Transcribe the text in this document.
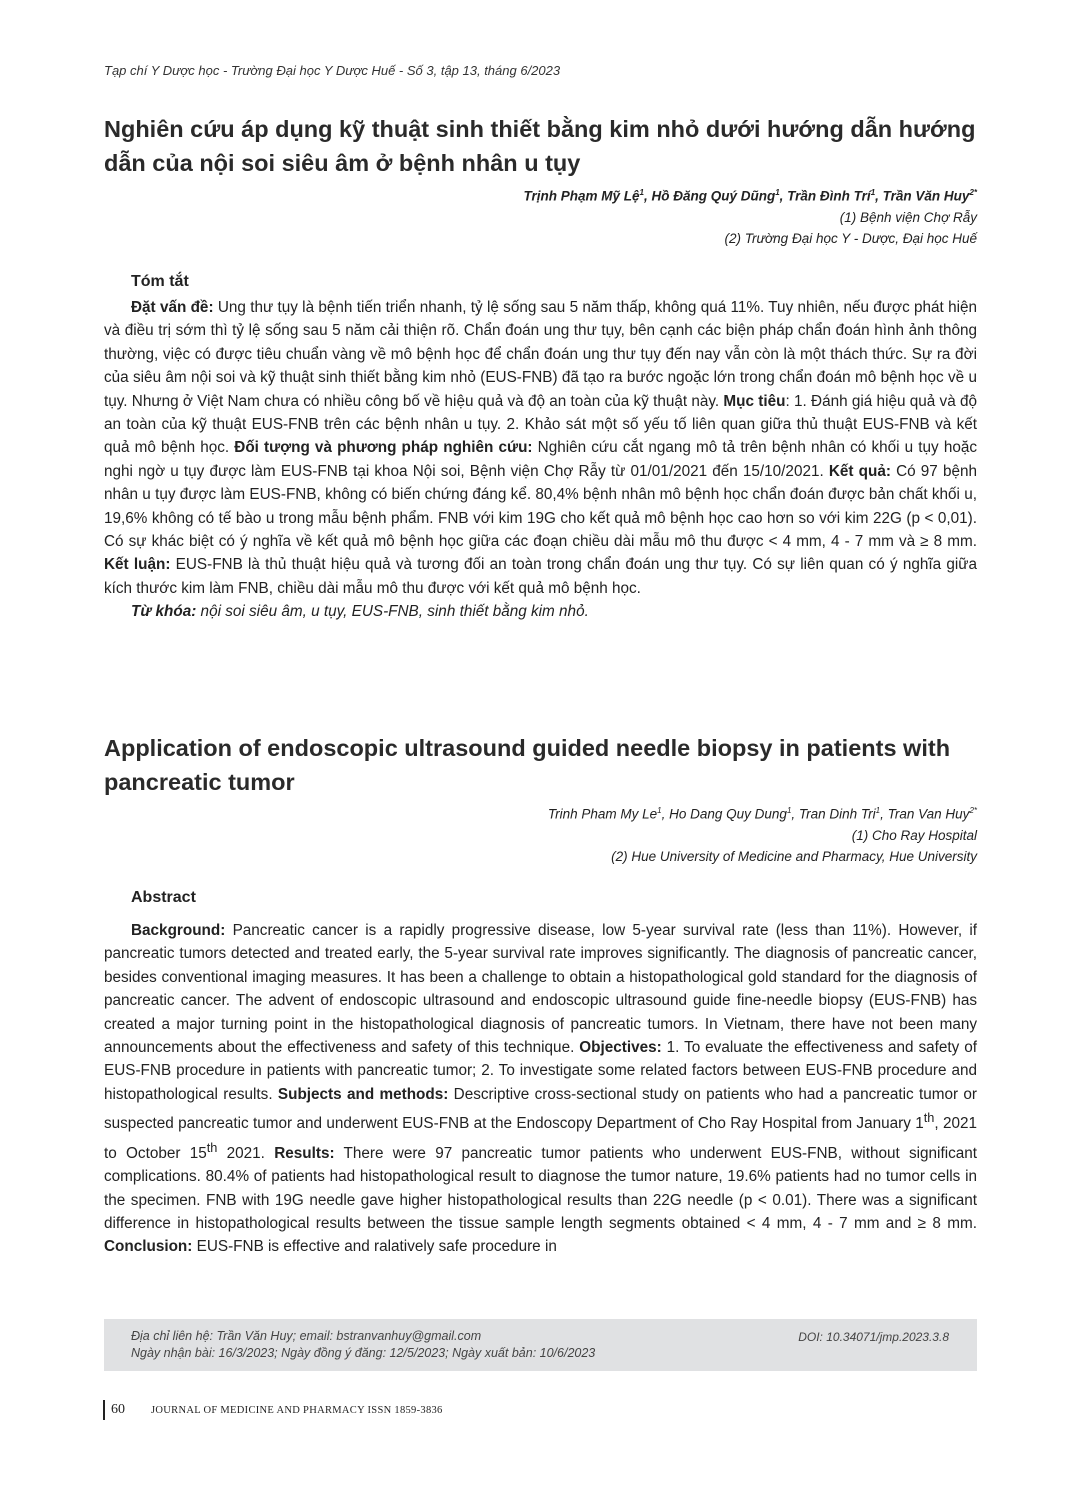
Tạp chí Y Dược học - Trường Đại học Y Dược Huế - Số 3, tập 13, tháng 6/2023
Nghiên cứu áp dụng kỹ thuật sinh thiết bằng kim nhỏ dưới hướng dẫn hướng dẫn của nội soi siêu âm ở bệnh nhân u tụy
Trịnh Phạm Mỹ Lệ$^1$, Hồ Đăng Quý Dũng$^1$, Trần Đình Trí$^1$, Trần Văn Huy$^{2*}$
(1) Bệnh viện Chợ Rẫy
(2) Trường Đại học Y - Dược, Đại học Huế
Tóm tắt

Đặt vấn đề: Ung thư tụy là bệnh tiến triển nhanh, tỷ lệ sống sau 5 năm thấp, không quá 11%. Tuy nhiên, nếu được phát hiện và điều trị sớm thì tỷ lệ sống sau 5 năm cải thiện rõ. Chẩn đoán ung thư tụy, bên cạnh các biện pháp chẩn đoán hình ảnh thông thường, việc có được tiêu chuẩn vàng về mô bệnh học để chẩn đoán ung thư tụy đến nay vẫn còn là một thách thức. Sự ra đời của siêu âm nội soi và kỹ thuật sinh thiết bằng kim nhỏ (EUS-FNB) đã tạo ra bước ngoặc lớn trong chẩn đoán mô bệnh học về u tụy. Nhưng ở Việt Nam chưa có nhiều công bố về hiệu quả và độ an toàn của kỹ thuật này. Mục tiêu: 1. Đánh giá hiệu quả và độ an toàn của kỹ thuật EUS-FNB trên các bệnh nhân u tụy. 2. Khảo sát một số yếu tố liên quan giữa thủ thuật EUS-FNB và kết quả mô bệnh học. Đối tượng và phương pháp nghiên cứu: Nghiên cứu cắt ngang mô tả trên bệnh nhân có khối u tụy hoặc nghi ngờ u tụy được làm EUS-FNB tại khoa Nội soi, Bệnh viện Chợ Rẫy từ 01/01/2021 đến 15/10/2021. Kết quả: Có 97 bệnh nhân u tụy được làm EUS-FNB, không có biến chứng đáng kể. 80,4% bệnh nhân mô bệnh học chẩn đoán được bản chất khối u, 19,6% không có tế bào u trong mẫu bệnh phẩm. FNB với kim 19G cho kết quả mô bệnh học cao hơn so với kim 22G (p < 0,01). Có sự khác biệt có ý nghĩa về kết quả mô bệnh học giữa các đoạn chiều dài mẫu mô thu được < 4 mm, 4 - 7 mm và ≥ 8 mm. Kết luận: EUS-FNB là thủ thuật hiệu quả và tương đối an toàn trong chẩn đoán ung thư tụy. Có sự liên quan có ý nghĩa giữa kích thước kim làm FNB, chiều dài mẫu mô thu được với kết quả mô bệnh học.

Từ khóa: nội soi siêu âm, u tụy, EUS-FNB, sinh thiết bằng kim nhỏ.

Application of endoscopic ultrasound guided needle biopsy in patients with pancreatic tumor
Trinh Pham My Le$^1$, Ho Dang Quy Dung$^1$, Tran Dinh Tri$^1$, Tran Van Huy$^{2*}$
(1) Cho Ray Hospital
(2) Hue University of Medicine and Pharmacy, Hue University
Abstract

Background: Pancreatic cancer is a rapidly progressive disease, low 5-year survival rate (less than 11%). However, if pancreatic tumors detected and treated early, the 5-year survival rate improves significantly. The diagnosis of pancreatic cancer, besides conventional imaging measures. It has been a challenge to obtain a histopathological gold standard for the diagnosis of pancreatic cancer. The advent of endoscopic ultrasound and endoscopic ultrasound guide fine-needle biopsy (EUS-FNB) has created a major turning point in the histopathological diagnosis of pancreatic tumors. In Vietnam, there have not been many announcements about the effectiveness and safety of this technique. Objectives: 1. To evaluate the effectiveness and safety of EUS-FNB procedure in patients with pancreatic tumor; 2. To investigate some related factors between EUS-FNB procedure and histopathological results. Subjects and methods: Descriptive cross-sectional study on patients who had a pancreatic tumor or suspected pancreatic tumor and underwent EUS-FNB at the Endoscopy Department of Cho Ray Hospital from January 1th, 2021 to October 15th 2021. Results: There were 97 pancreatic tumor patients who underwent EUS-FNB, without significant complications. 80.4% of patients had histopathological result to diagnose the tumor nature, 19.6% patients had no tumor cells in the specimen. FNB with 19G needle gave higher histopathological results than 22G needle (p < 0.01). There was a significant difference in histopathological results between the tissue sample length segments obtained < 4 mm, 4 - 7 mm and ≥ 8 mm. Conclusion: EUS-FNB is effective and ralatively safe procedure in

Địa chỉ liên hệ: Trần Văn Huy; email: bstranvanhuy@gmail.com
Ngày nhận bài: 16/3/2023; Ngày đồng ý đăng: 12/5/2023; Ngày xuất bản: 10/6/2023
DOI: 10.34071/jmp.2023.3.8
60 JOURNAL OF MEDICINE AND PHARMACY ISSN 1859-3836
